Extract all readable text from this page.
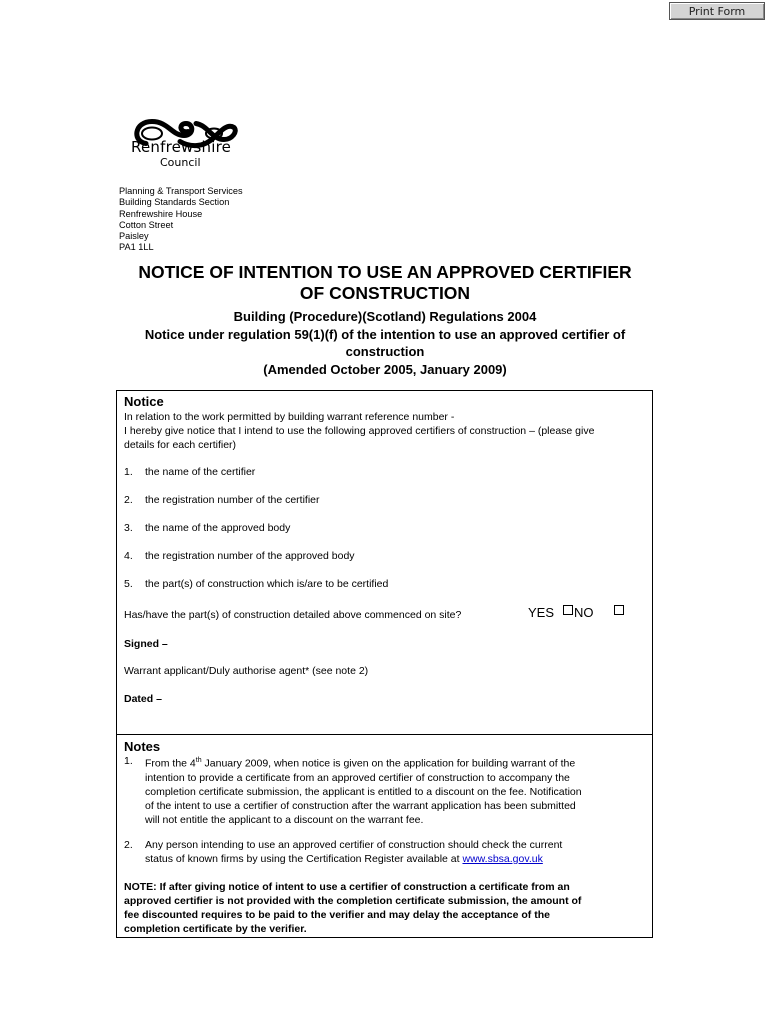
Print Form
Renfrewshire
Council
Planning & Transport Services
Building Standards Section
Renfrewshire House
Cotton Street
Paisley
PA1 1LL
NOTICE OF INTENTION TO USE AN APPROVED CERTIFIER
OF CONSTRUCTION
Building (Procedure)(Scotland) Regulations 2004
Notice under regulation 59(1)(f) of the intention to use an approved certifier of
construction
(Amended October 2005, January 2009)
Notice
In relation to the work permitted by building warrant reference number -
I hereby give notice that I intend to use the following approved certifiers of construction – (please give
details for each certifier)
1. the name of the certifier
2. the registration number of the certifier
3. the name of the approved body
4. the registration number of the approved body
5. the part(s) of construction which is/are to be certified
Has/have the part(s) of construction detailed above commenced on site?	YES NO
Signed –
Warrant applicant/Duly authorise agent* (see note 2)
Dated –
Notes
1. From the 4th January 2009, when notice is given on the application for building warrant of the
intention to provide a certificate from an approved certifier of construction to accompany the
completion certificate submission, the applicant is entitled to a discount on the fee. Notification
of the intent to use a certifier of construction after the warrant application has been submitted
will not entitle the applicant to a discount on the warrant fee.
2. Any person intending to use an approved certifier of construction should check the current
status of known firms by using the Certification Register available at www.sbsa.gov.uk
NOTE: If after giving notice of intent to use a certifier of construction a certificate from an
approved certifier is not provided with the completion certificate submission, the amount of
fee discounted requires to be paid to the verifier and may delay the acceptance of the
completion certificate by the verifier.
